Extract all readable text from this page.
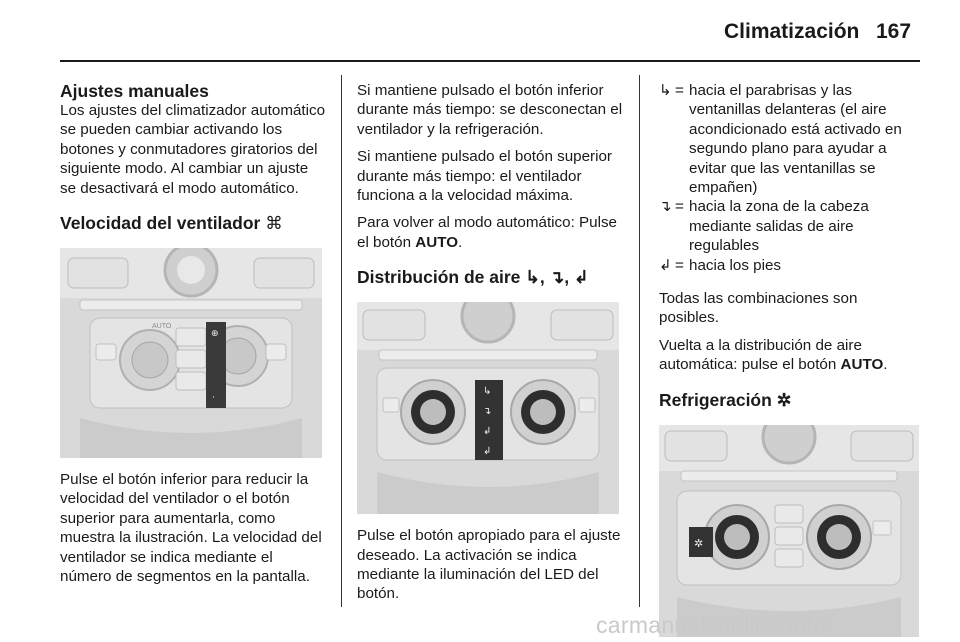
Climatización 167
Ajustes manuales

Los ajustes del climatizador automático se pueden cambiar activando los botones y conmutadores giratorios del siguiente modo. Al cambiar un ajuste se desactivará el modo automático.

Velocidad del ventilador ⌘
AUTO
⊕
·

Pulse el botón inferior para reducir la velocidad del ventilador o el botón superior para aumentarla, como muestra la ilustración. La velocidad del ventilador se indica mediante el número de segmentos en la pantalla.

Si mantiene pulsado el botón inferior durante más tiempo: se desconectan el ventilador y la refrigeración.

Si mantiene pulsado el botón superior durante más tiempo: el ventilador funciona a la velocidad máxima.

Para volver al modo automático: Pulse el botón AUTO.

Distribución de aire ↳, ↴, ↲
↳
↴
↲
↲

Pulse el botón apropiado para el ajuste deseado. La activación se indica mediante la iluminación del LED del botón.

↳ = hacia el parabrisas y las ventanillas delanteras (el aire acondicionado está activado en segundo plano para ayudar a evitar que las ventanillas se empañen)
↴ = hacia la zona de la cabeza mediante salidas de aire regulables
↲ = hacia los pies

Todas las combinaciones son posibles.

Vuelta a la distribución de aire automática: pulse el botón AUTO.

Refrigeración ✲
✲
carmanualsonline.info
